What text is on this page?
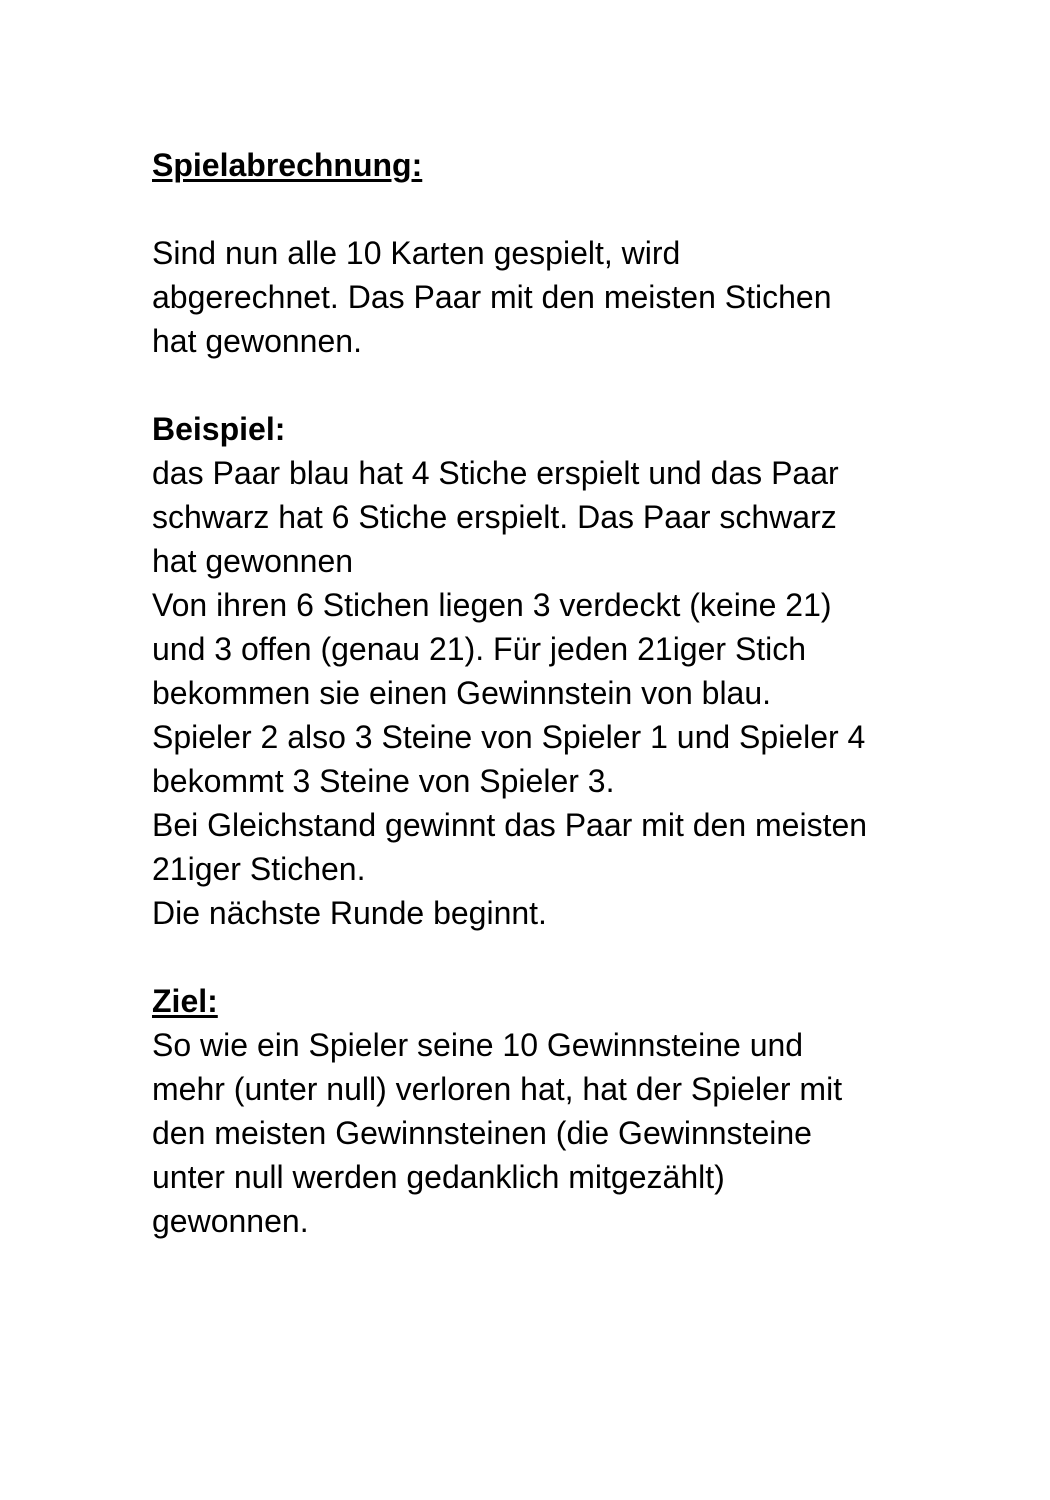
Spielabrechnung:
Sind nun alle 10 Karten gespielt, wird
abgerechnet. Das Paar mit den meisten Stichen
hat gewonnen.
Beispiel:
das Paar blau hat 4 Stiche erspielt und das Paar
schwarz hat 6 Stiche erspielt. Das Paar schwarz
hat gewonnen
Von ihren 6 Stichen liegen 3 verdeckt (keine 21)
und 3 offen (genau 21). Für jeden 21iger Stich
bekommen sie einen Gewinnstein von blau.
Spieler 2 also 3 Steine von Spieler 1 und Spieler 4
bekommt 3 Steine von Spieler 3.
Bei Gleichstand gewinnt das Paar mit den meisten
21iger Stichen.
Die nächste Runde beginnt.
Ziel:
So wie ein Spieler seine 10 Gewinnsteine und
mehr (unter null) verloren hat, hat der Spieler mit
den meisten Gewinnsteinen (die Gewinnsteine
unter null werden gedanklich mitgezählt)
gewonnen.
